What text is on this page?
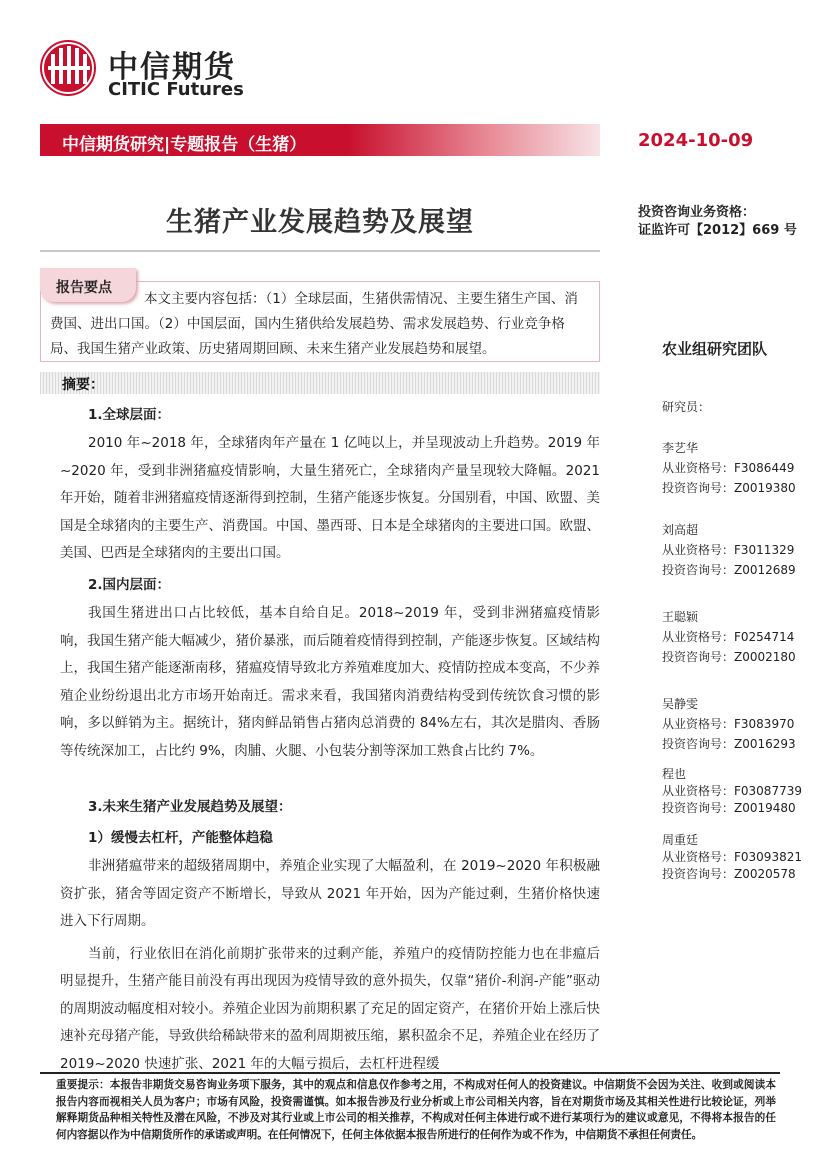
中信期货
CITIC Futures
中信期货研究|专题报告（生猪）	2024-10-09
生猪产业发展趋势及展望	投资咨询业务资格：
证监许可【2012】669 号
报告要点
本文主要内容包括：（1）全球层面，生猪供需情况、主要生猪生产国、消费国、进出口国。（2）中国层面，国内生猪供给发展趋势、需求发展趋势、行业竞争格局、我国生猪产业政策、历史猪周期回顾、未来生猪产业发展趋势和展望。
摘要：
1.全球层面：
2010 年~2018 年，全球猪肉年产量在 1 亿吨以上，并呈现波动上升趋势。2019 年~2020 年，受到非洲猪瘟疫情影响，大量生猪死亡，全球猪肉产量呈现较大降幅。2021 年开始，随着非洲猪瘟疫情逐渐得到控制，生猪产能逐步恢复。分国别看，中国、欧盟、美国是全球猪肉的主要生产、消费国。中国、墨西哥、日本是全球猪肉的主要进口国。欧盟、美国、巴西是全球猪肉的主要出口国。
2.国内层面：
我国生猪进出口占比较低，基本自给自足。2018~2019 年，受到非洲猪瘟疫情影响，我国生猪产能大幅减少，猪价暴涨，而后随着疫情得到控制，产能逐步恢复。区域结构上，我国生猪产能逐渐南移，猪瘟疫情导致北方养殖难度加大、疫情防控成本变高，不少养殖企业纷纷退出北方市场开始南迁。需求来看，我国猪肉消费结构受到传统饮食习惯的影响，多以鲜销为主。据统计，猪肉鲜品销售占猪肉总消费的 84%左右，其次是腊肉、香肠等传统深加工，占比约 9%，肉脯、火腿、小包装分割等深加工熟食占比约 7%。
3.未来生猪产业发展趋势及展望：
1）缓慢去杠杆，产能整体趋稳
非洲猪瘟带来的超级猪周期中，养殖企业实现了大幅盈利，在 2019~2020 年积极融资扩张，猪舍等固定资产不断增长，导致从 2021 年开始，因为产能过剩，生猪价格快速进入下行周期。
当前，行业依旧在消化前期扩张带来的过剩产能，养殖户的疫情防控能力也在非瘟后明显提升，生猪产能目前没有再出现因为疫情导致的意外损失，仅靠“猪价-利润-产能”驱动的周期波动幅度相对较小。养殖企业因为前期积累了充足的固定资产，在猪价开始上涨后快速补充母猪产能，导致供给稀缺带来的盈利周期被压缩，累积盈余不足，养殖企业在经历了 2019~2020 快速扩张、2021 年的大幅亏损后，去杠杆进程缓
农业组研究团队
研究员：
李艺华
从业资格号：F3086449
投资咨询号：Z0019380
刘高超
从业资格号：F3011329
投资咨询号：Z0012689
王聪颖
从业资格号：F0254714
投资咨询号：Z0002180
吴静雯
从业资格号：F3083970
投资咨询号：Z0016293
程也
从业资格号：F03087739
投资咨询号：Z0019480
周重廷
从业资格号：F03093821
投资咨询号：Z0020578
重要提示：本报告非期货交易咨询业务项下服务，其中的观点和信息仅作参考之用，不构成对任何人的投资建议。中信期货不会因为关注、收到或阅读本报告内容而视相关人员为客户；市场有风险，投资需谨慎。如本报告涉及行业分析或上市公司相关内容，旨在对期货市场及其相关性进行比较论证，列举解释期货品种相关特性及潜在风险，不涉及对其行业或上市公司的相关推荐，不构成对任何主体进行或不进行某项行为的建议或意见，不得将本报告的任何内容据以作为中信期货所作的承诺或声明。在任何情况下，任何主体依据本报告所进行的任何作为或不作为，中信期货不承担任何责任。
